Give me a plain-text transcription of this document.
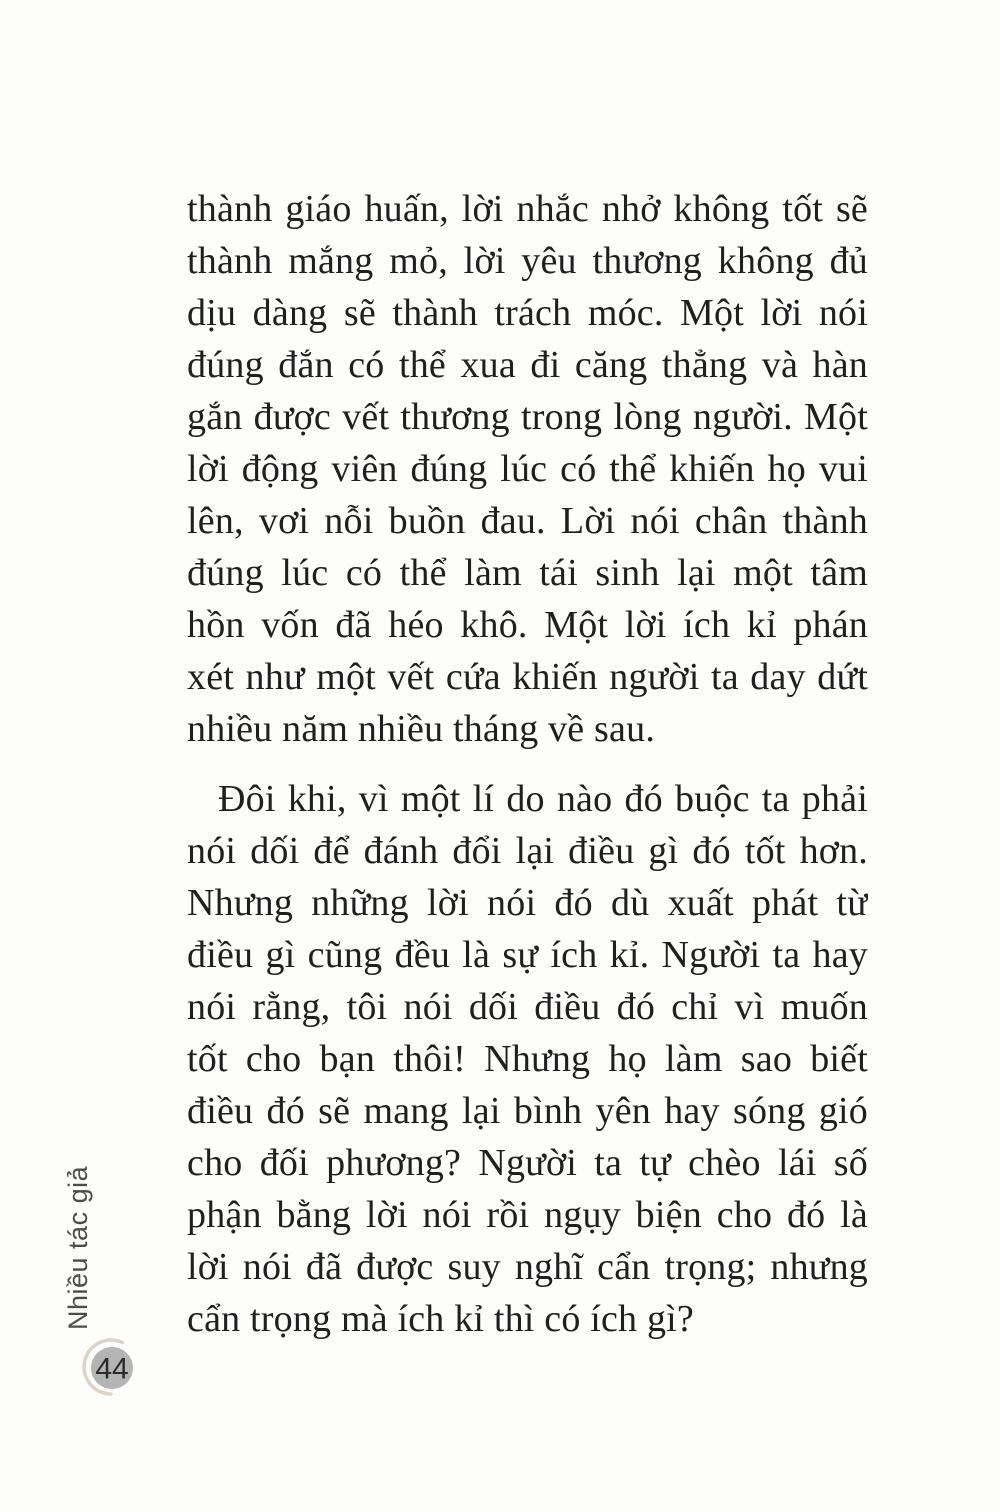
thành giáo huấn, lời nhắc nhở không tốt sẽ
thành mắng mỏ, lời yêu thương không đủ
dịu dàng sẽ thành trách móc. Một lời nói
đúng đắn có thể xua đi căng thẳng và hàn
gắn được vết thương trong lòng người. Một
lời động viên đúng lúc có thể khiến họ vui
lên, vơi nỗi buồn đau. Lời nói chân thành
đúng lúc có thể làm tái sinh lại một tâm
hồn vốn đã héo khô. Một lời ích kỉ phán
xét như một vết cứa khiến người ta day dứt
nhiều năm nhiều tháng về sau.
Đôi khi, vì một lí do nào đó buộc ta phải
nói dối để đánh đổi lại điều gì đó tốt hơn.
Nhưng những lời nói đó dù xuất phát từ
điều gì cũng đều là sự ích kỉ. Người ta hay
nói rằng, tôi nói dối điều đó chỉ vì muốn
tốt cho bạn thôi! Nhưng họ làm sao biết
điều đó sẽ mang lại bình yên hay sóng gió
cho đối phương? Người ta tự chèo lái số
phận bằng lời nói rồi ngụy biện cho đó là
lời nói đã được suy nghĩ cẩn trọng; nhưng
cẩn trọng mà ích kỉ thì có ích gì?
Nhiều tác giả
44
